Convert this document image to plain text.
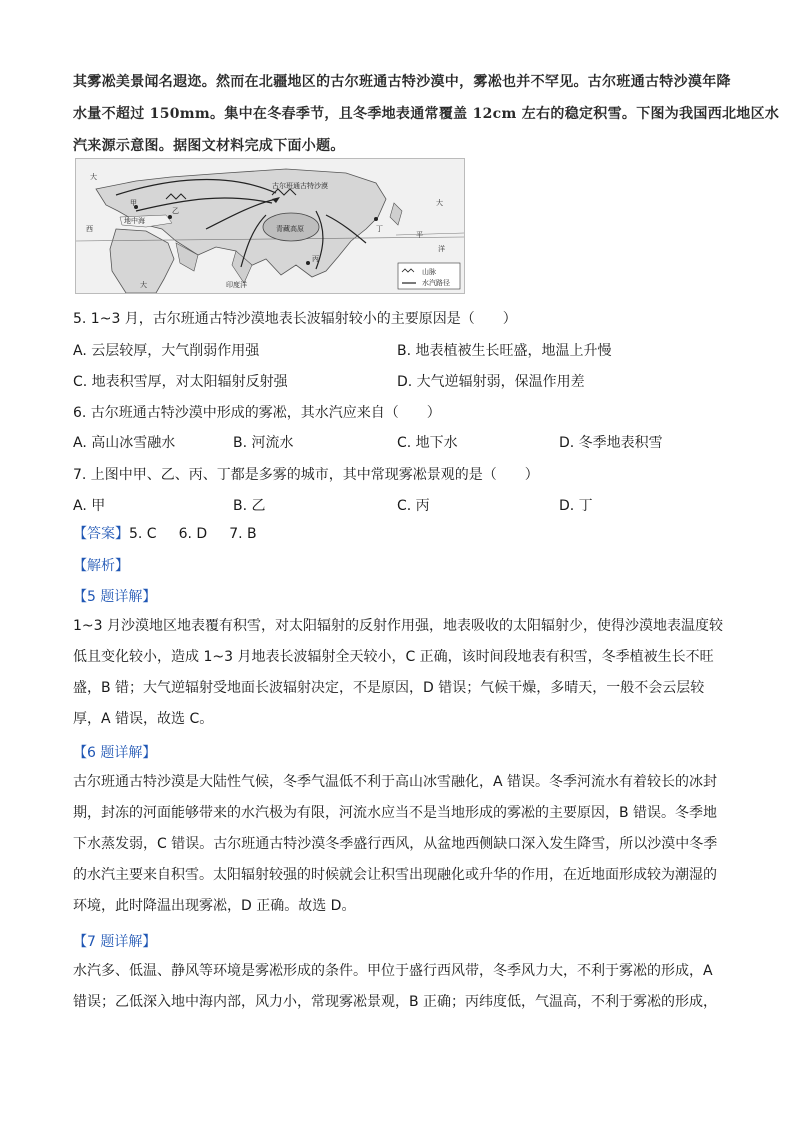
其雾凇美景闻名遐迩。然而在北疆地区的古尔班通古特沙漠中，雾凇也并不罕见。古尔班通古特沙漠年降
水量不超过 150mm。集中在冬春季节，且冬季地表通常覆盖 12cm 左右的稳定积雪。下图为我国西北地区水
汽来源示意图。据图文材料完成下面小题。
古尔班通古特沙漠
青藏高原	丁
甲
乙
丙
大
大
大
西
洋
印度洋
平
地中海
山脉
水汽路径
5. 1~3 月，古尔班通古特沙漠地表长波辐射较小的主要原因是（　　）
A. 云层较厚，大气削弱作用强	B. 地表植被生长旺盛，地温上升慢
C. 地表积雪厚，对太阳辐射反射强	D. 大气逆辐射弱，保温作用差
6. 古尔班通古特沙漠中形成的雾凇，其水汽应来自（　　）
A. 高山冰雪融水	B. 河流水	C. 地下水	D. 冬季地表积雪
7. 上图中甲、乙、丙、丁都是多雾的城市，其中常现雾凇景观的是（　　）
A. 甲	B. 乙	C. 丙	D. 丁
【答案】5. C 6. D 7. B
【解析】
【5 题详解】
1~3 月沙漠地区地表覆有积雪，对太阳辐射的反射作用强，地表吸收的太阳辐射少，使得沙漠地表温度较
低且变化较小，造成 1~3 月地表长波辐射全天较小，C 正确，该时间段地表有积雪，冬季植被生长不旺
盛，B 错；大气逆辐射受地面长波辐射决定，不是原因，D 错误；气候干燥，多晴天，一般不会云层较
厚，A 错误，故选 C。
【6 题详解】
古尔班通古特沙漠是大陆性气候，冬季气温低不利于高山冰雪融化，A 错误。冬季河流水有着较长的冰封
期，封冻的河面能够带来的水汽极为有限，河流水应当不是当地形成的雾凇的主要原因，B 错误。冬季地
下水蒸发弱，C 错误。古尔班通古特沙漠冬季盛行西风，从盆地西侧缺口深入发生降雪，所以沙漠中冬季
的水汽主要来自积雪。太阳辐射较强的时候就会让积雪出现融化或升华的作用，在近地面形成较为潮湿的
环境，此时降温出现雾凇，D 正确。故选 D。
【7 题详解】
水汽多、低温、静风等环境是雾凇形成的条件。甲位于盛行西风带，冬季风力大，不利于雾凇的形成，A
错误；乙低深入地中海内部，风力小，常现雾凇景观，B 正确；丙纬度低，气温高，不利于雾凇的形成，
